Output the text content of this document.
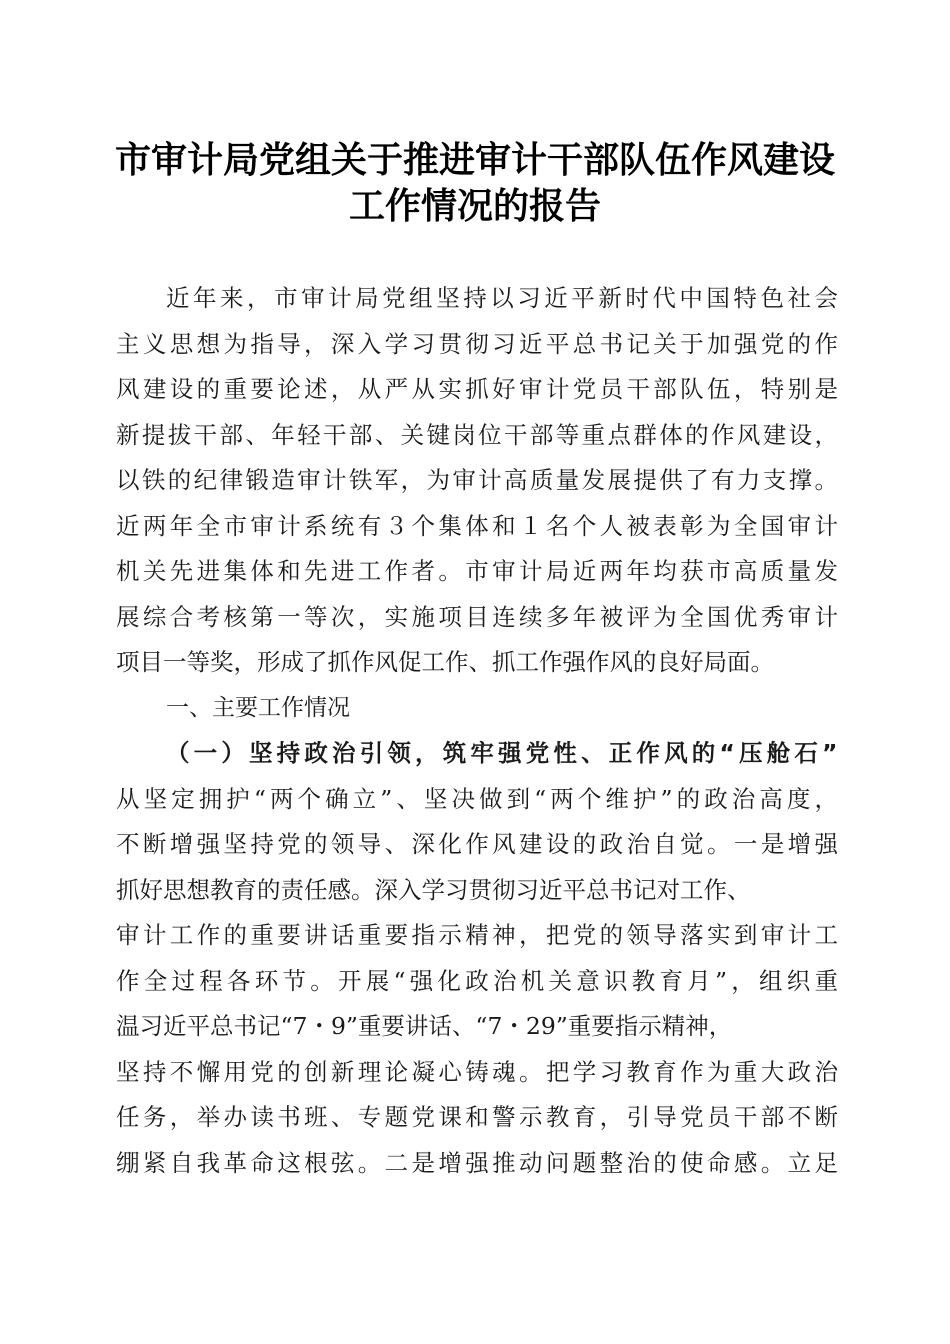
市审计局党组关于推进审计干部队伍作风建设
工作情况的报告
近年来，市审计局党组坚持以习近平新时代中国特色社会
主义思想为指导，深入学习贯彻习近平总书记关于加强党的作
风建设的重要论述，从严从实抓好审计党员干部队伍，特别是
新提拔干部、年轻干部、关键岗位干部等重点群体的作风建设，
以铁的纪律锻造审计铁军，为审计高质量发展提供了有力支撑。
近两年全市审计系统有３个集体和１名个人被表彰为全国审计
机关先进集体和先进工作者。市审计局近两年均获市高质量发
展综合考核第一等次，实施项目连续多年被评为全国优秀审计
项目一等奖，形成了抓作风促工作、抓工作强作风的良好局面。
一、主要工作情况
（一）坚持政治引领，筑牢强党性、正作风的“压舱石”
从坚定拥护“两个确立”、坚决做到“两个维护”的政治高度，
不断增强坚持党的领导、深化作风建设的政治自觉。一是增强
抓好思想教育的责任感。深入学习贯彻习近平总书记对工作、
审计工作的重要讲话重要指示精神，把党的领导落实到审计工
作全过程各环节。开展“强化政治机关意识教育月”，组织重
温习近平总书记“7・9”重要讲话、“7・29”重要指示精神，
坚持不懈用党的创新理论凝心铸魂。把学习教育作为重大政治
任务，举办读书班、专题党课和警示教育，引导党员干部不断
绷紧自我革命这根弦。二是增强推动问题整治的使命感。立足
